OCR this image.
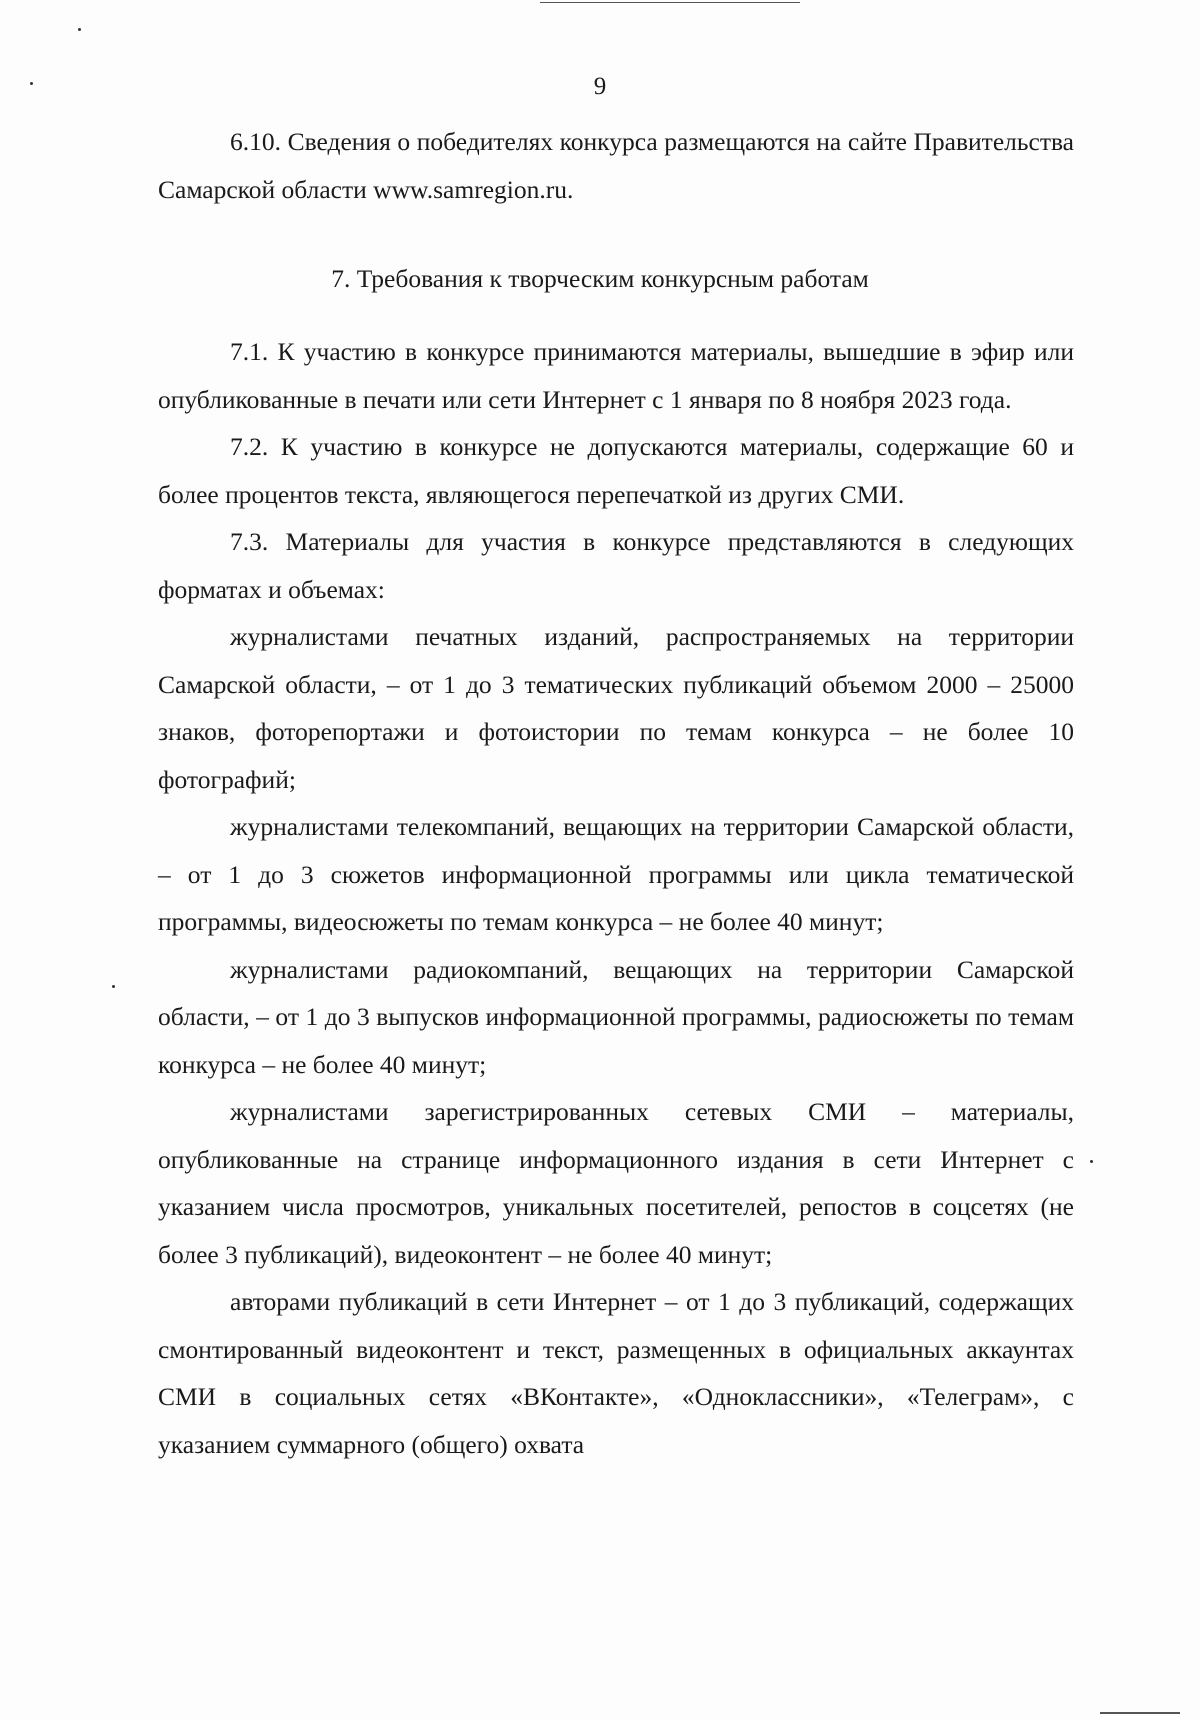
9

6.10. Сведения о победителях конкурса размещаются на сайте Правительства Самарской области www.samregion.ru.

7. Требования к творческим конкурсным работам

7.1. К участию в конкурсе принимаются материалы, вышедшие в эфир или опубликованные в печати или сети Интернет с 1 января по 8 ноября 2023 года.

7.2. К участию в конкурсе не допускаются материалы, содержащие 60 и более процентов текста, являющегося перепечаткой из других СМИ.

7.3. Материалы для участия в конкурсе представляются в следующих форматах и объемах:

журналистами печатных изданий, распространяемых на территории Самарской области, – от 1 до 3 тематических публикаций объемом 2000 – 25000 знаков, фоторепортажи и фотоистории по темам конкурса – не более 10 фотографий;

журналистами телекомпаний, вещающих на территории Самарской области, – от 1 до 3 сюжетов информационной программы или цикла тематической программы, видеосюжеты по темам конкурса – не более 40 минут;

журналистами радиокомпаний, вещающих на территории Самарской области, – от 1 до 3 выпусков информационной программы, радиосюжеты по темам конкурса – не более 40 минут;

журналистами зарегистрированных сетевых СМИ – материалы, опубликованные на странице информационного издания в сети Интернет с указанием числа просмотров, уникальных посетителей, репостов в соцсетях (не более 3 публикаций), видеоконтент – не более 40 минут;

авторами публикаций в сети Интернет – от 1 до 3 публикаций, содержащих смонтированный видеоконтент и текст, размещенных в официальных аккаунтах СМИ в социальных сетях «ВКонтакте», «Одноклассники», «Телеграм», с указанием суммарного (общего) охвата
